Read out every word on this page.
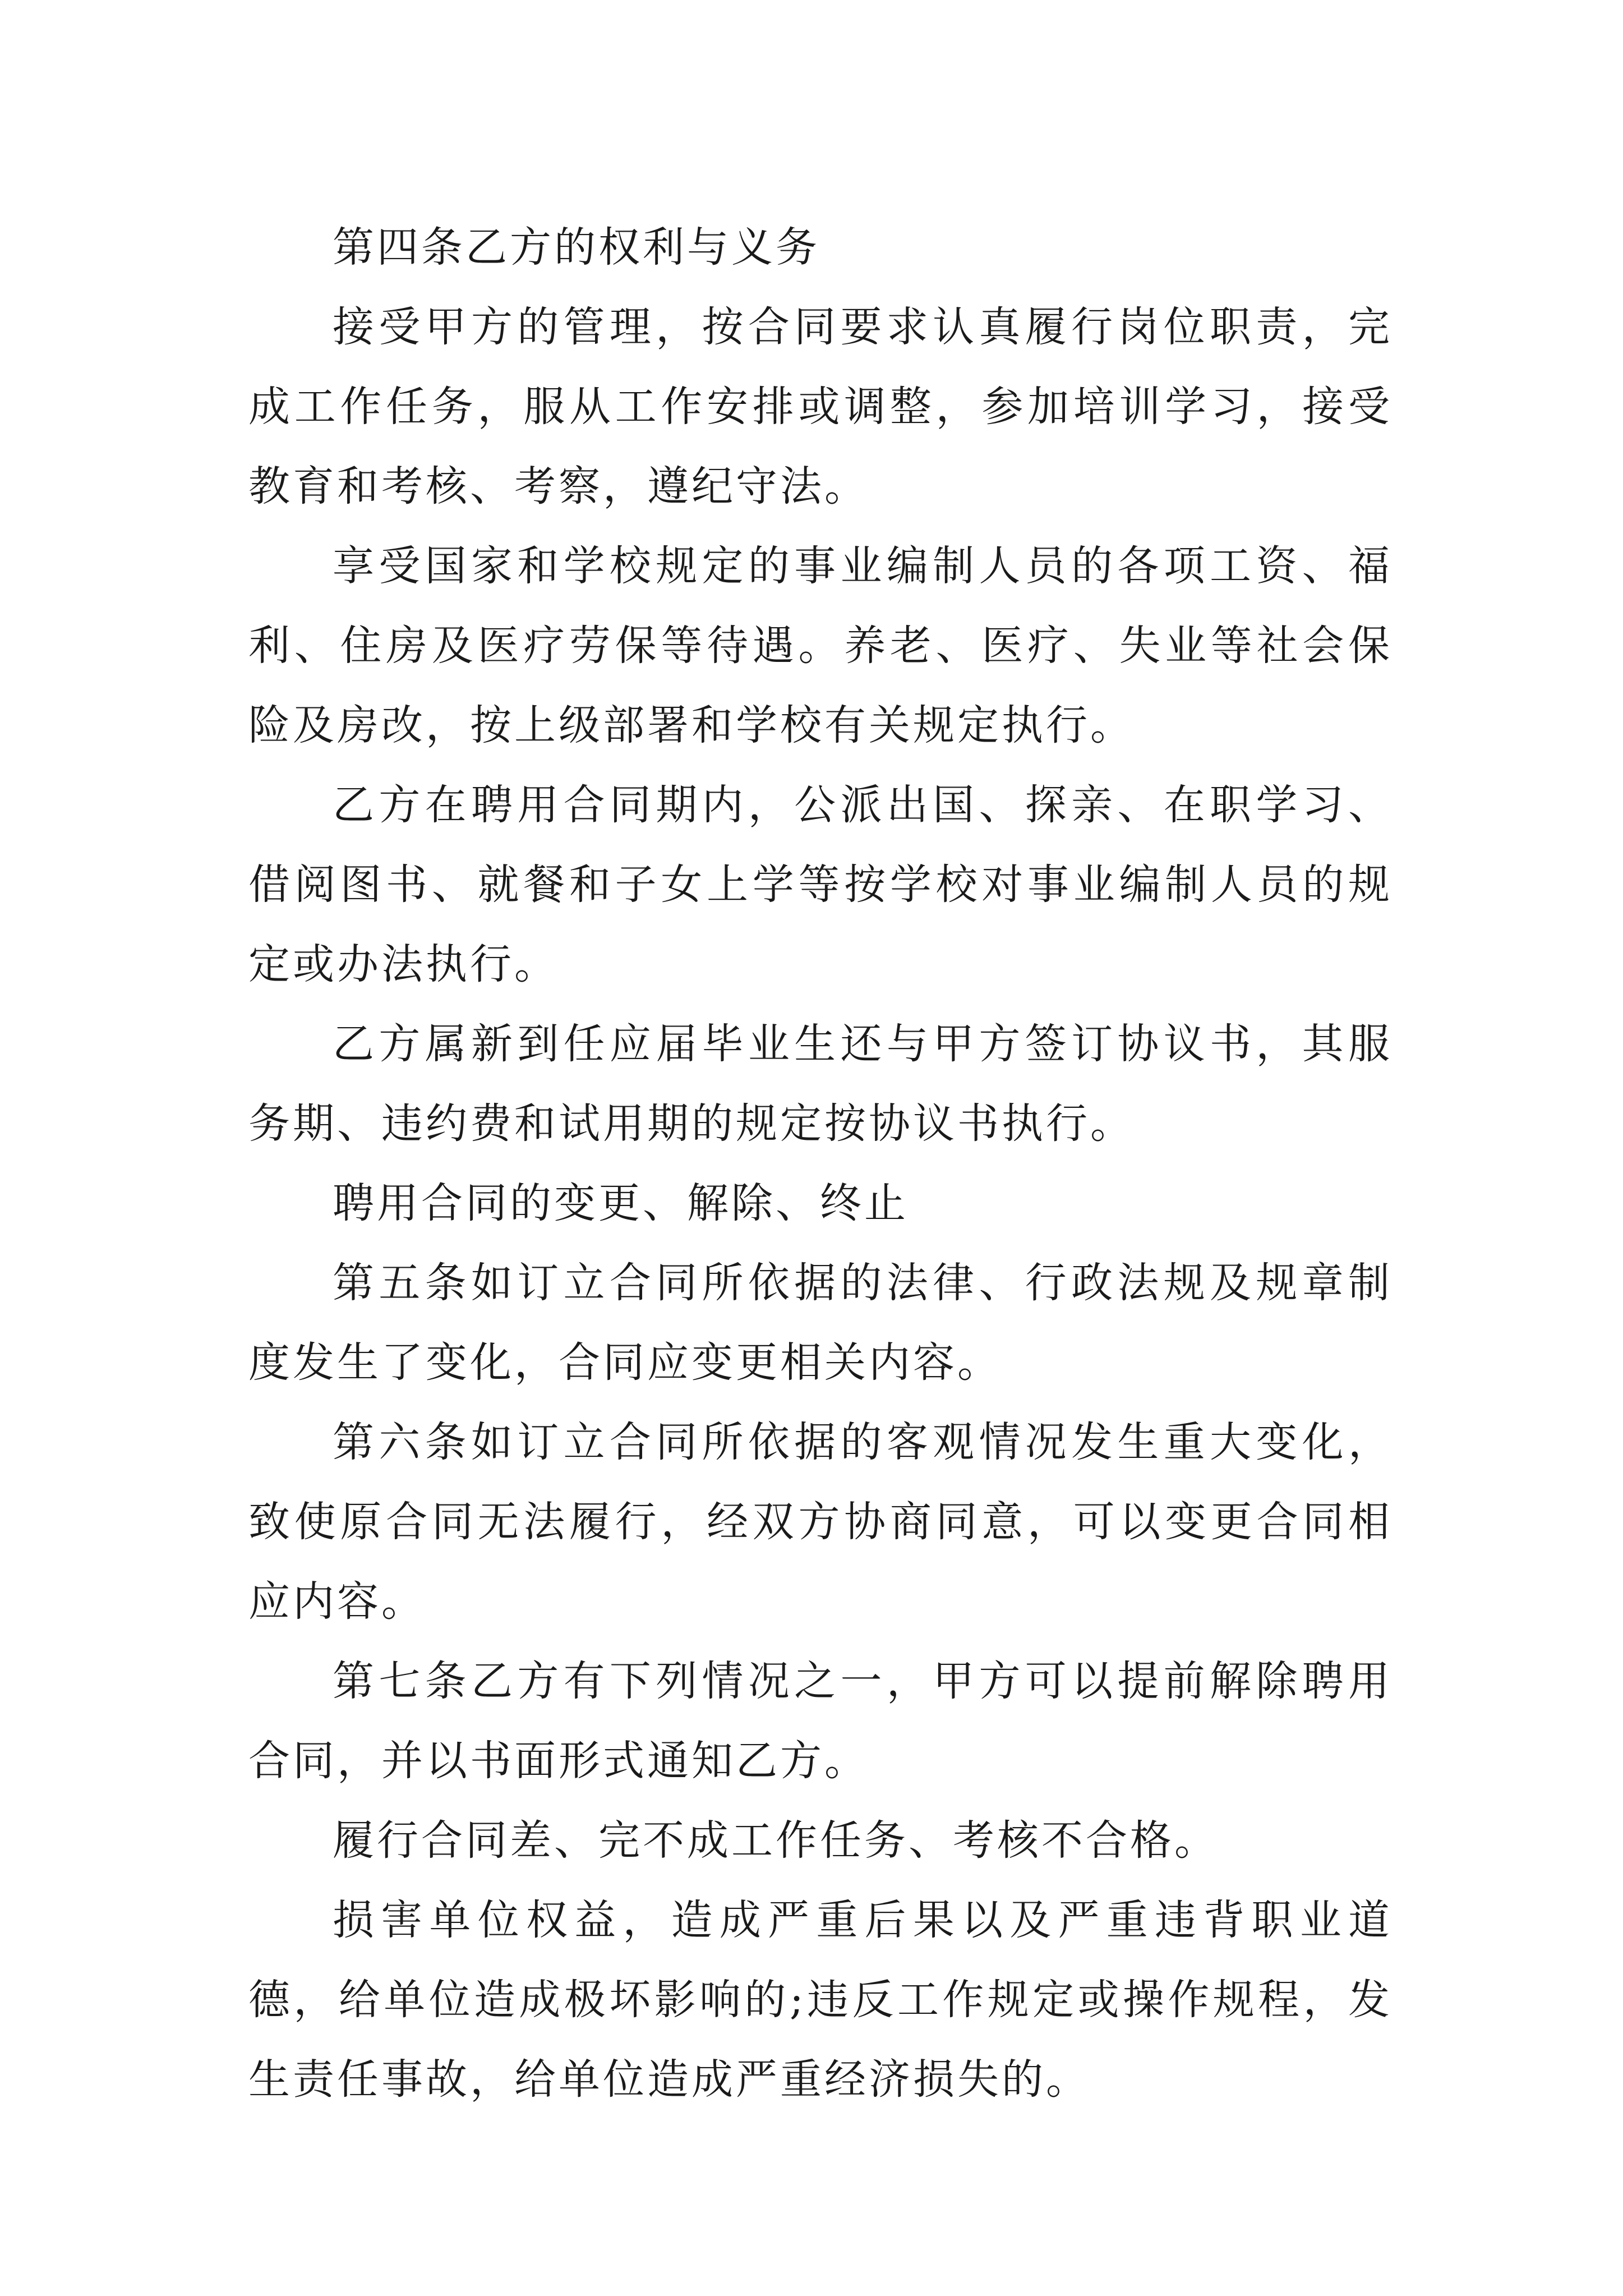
第四条乙方的权利与义务

接受甲方的管理，按合同要求认真履行岗位职责，完成工作任务，服从工作安排或调整，参加培训学习，接受教育和考核、考察，遵纪守法。

享受国家和学校规定的事业编制人员的各项工资、福利、住房及医疗劳保等待遇。养老、医疗、失业等社会保险及房改，按上级部署和学校有关规定执行。

乙方在聘用合同期内，公派出国、探亲、在职学习、借阅图书、就餐和子女上学等按学校对事业编制人员的规定或办法执行。

乙方属新到任应届毕业生还与甲方签订协议书，其服务期、违约费和试用期的规定按协议书执行。

聘用合同的变更、解除、终止

第五条如订立合同所依据的法律、行政法规及规章制度发生了变化，合同应变更相关内容。

第六条如订立合同所依据的客观情况发生重大变化，致使原合同无法履行，经双方协商同意，可以变更合同相应内容。

第七条乙方有下列情况之一，甲方可以提前解除聘用合同，并以书面形式通知乙方。

履行合同差、完不成工作任务、考核不合格。

损害单位权益，造成严重后果以及严重违背职业道德，给单位造成极坏影响的;违反工作规定或操作规程，发生责任事故，给单位造成严重经济损失的。
